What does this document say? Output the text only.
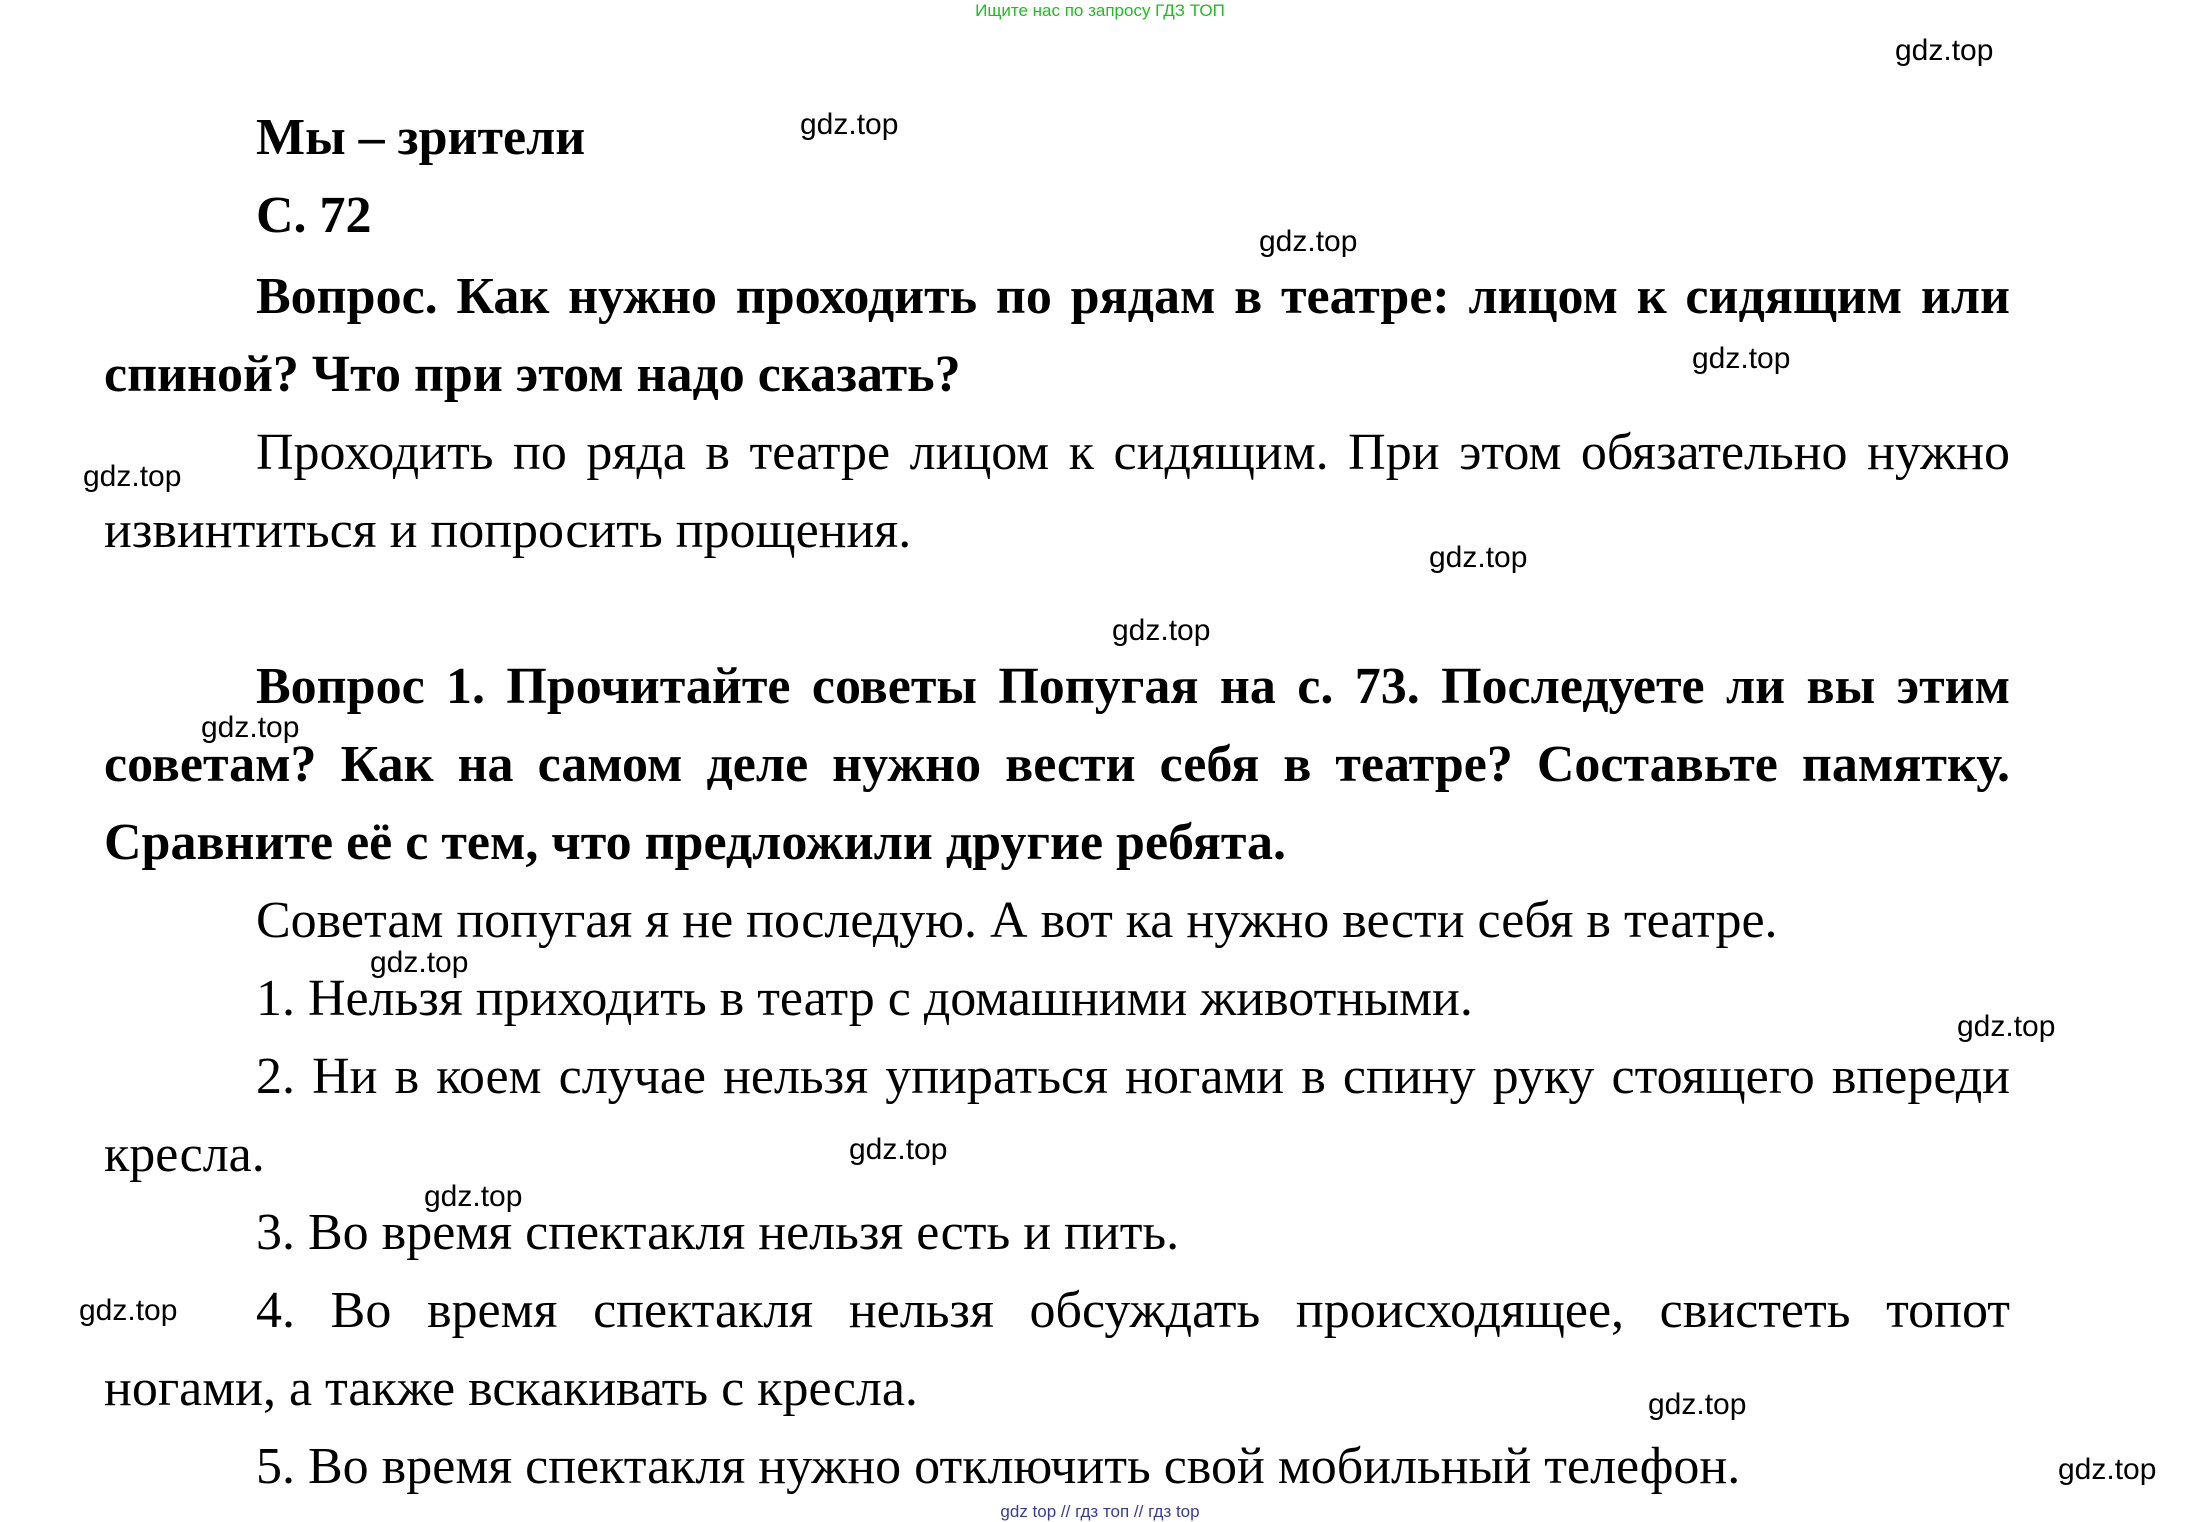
Ищите нас по запросу ГДЗ ТОП
Мы – зрители
С. 72
Вопрос. Как нужно проходить по рядам в театре: лицом к сидящим или спиной? Что при этом надо сказать?
Проходить по ряда в театре лицом к сидящим. При этом обязательно нужно извинтиться и попросить прощения.
Вопрос 1. Прочитайте советы Попугая на с. 73. Последуете ли вы этим советам? Как на самом деле нужно вести себя в театре? Составьте памятку. Сравните её с тем, что предложили другие ребята.
Советам попугая я не последую. А вот ка нужно вести себя в театре.
1. Нельзя приходить в театр с домашними животными.
2. Ни в коем случае нельзя упираться ногами в спину руку стоящего впереди кресла.
3. Во время спектакля нельзя есть и пить.
4. Во время спектакля нельзя обсуждать происходящее, свистеть топот ногами, а также вскакивать с кресла.
5. Во время спектакля нужно отключить свой мобильный телефон.
gdz.top
gdz.top
gdz.top
gdz.top
gdz.top
gdz.top
gdz.top
gdz.top
gdz.top
gdz.top
gdz.top
gdz.top
gdz.top
gdz.top
gdz.top
gdz top // гдз топ // гдз top
